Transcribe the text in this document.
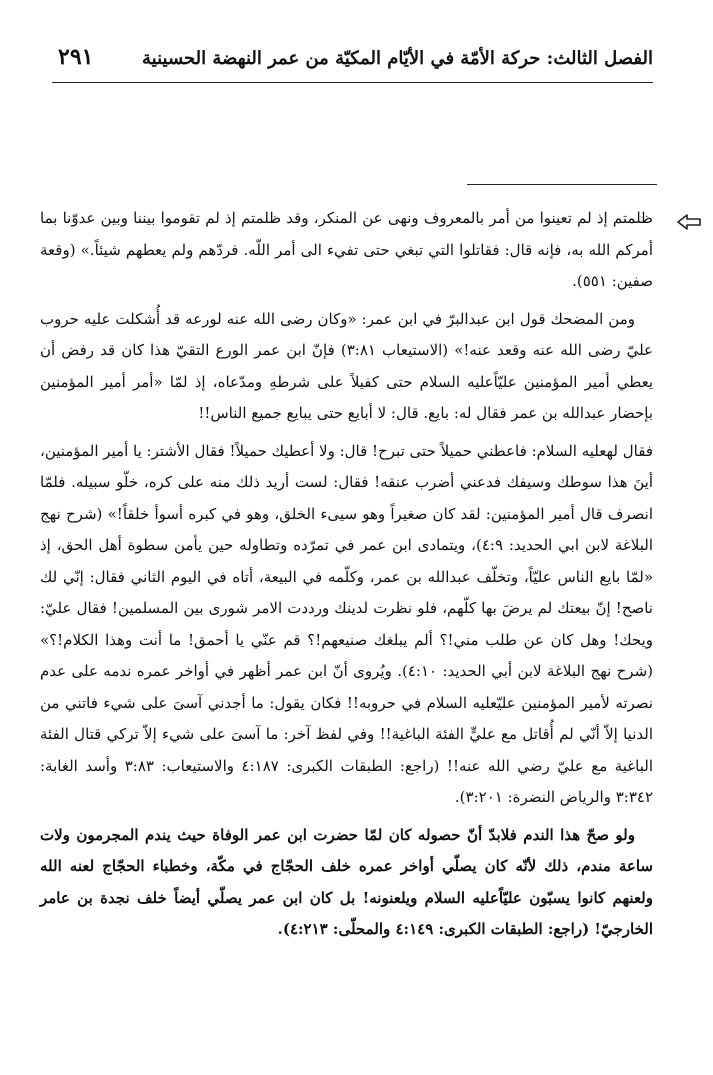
الفصل الثالث: حركة الأمّة في الأيّام المكيّة من عمر النهضة الحسينية
٢٩١

ظلمتم إذ لم تعينوا من أمر بالمعروف ونهى عن المنكر، وقد ظلمتم إذ لم تقوموا بيننا وبين عدوّنا بما أمركم الله به، فإنه قال: فقاتلوا التي تبغي حتى تفيء الى أمر اللّه. فردّهم ولم يعطهم شيئاً.» (وقعة صفين: ٥٥١).

ومن المضحك قول ابن عبدالبرّ في ابن عمر: «وكان رضى الله عنه لورعه قد أُشكلت عليه حروب عليّ رضى الله عنه وقعد عنه!» (الاستيعاب ٣:٨١) فإنّ ابن عمر الورع التقيّ هذا كان قد رفض أن يعطي أمير المؤمنين عليّاًعليه السلام حتى كفيلاً على شرطهِ ومدّعاه، إذ لمّا «أمر أمير المؤمنين بإحضار عبدالله بن عمر فقال له: بايع. قال: لا أبايع حتى يبايع جميع الناس!!

فقال لهعليه السلام: فاعطني حميلاً حتى تبرح! قال: ولا أعطيك حميلاً! فقال الأشتر: يا أمير المؤمنين، أينَ هذا سوطك وسيفك فدعني أضرب عنقه! فقال: لست أريد ذلك منه على كره، خلّو سبيله. فلمّا انصرف قال أمير المؤمنين: لقد كان صغيراً وهو سيىء الخلق، وهو في كبره أسوأ خلقاً!» (شرح نهج البلاغة لابن ابي الحديد: ٤:٩)، ويتمادى ابن عمر في تمرّده وتطاوله حين يأمن سطوة أهل الحق، إذ «لمّا بايع الناس عليّاً، وتخلّف عبدالله بن عمر، وكلّمه في البيعة، أتاه في اليوم الثاني فقال: إنّي لك ناصح! إنّ بيعتك لم يرضَ بها كلّهم، فلو نظرت لدينك ورددت الامر شورى بين المسلمين! فقال عليّ: ويحك! وهل كان عن طلب مني!؟ ألم يبلغك صنيعهم!؟ قم عنّي يا أحمق! ما أنت وهذا الكلام!؟» (شرح نهج البلاغة لابن أبي الحديد: ٤:١٠). ويُروى أنّ ابن عمر أظهر في أواخر عمره ندمه على عدم نصرته لأمير المؤمنين عليّعليه السلام في حروبه!! فكان يقول: ما أجدني آسىَ على شيء فاتني من الدنيا إلاّ أنّي لم أُقاتل مع عليٍّ الفئة الباغية!! وفي لفظ آخر: ما آسىَ على شيء إلاّ تركي قتال الفئة الباغية مع عليّ رضي الله عنه!! (راجع: الطبقات الكبرى: ٤:١٨٧ والاستيعاب: ٣:٨٣ وأسد الغابة: ٣:٣٤٢ والرياض النضرة: ٣:٢٠١).

ولو صحّ هذا الندم فلابدّ أنّ حصوله كان لمّا حضرت ابن عمر الوفاة حيث يندم المجرمون ولات ساعة مندم، ذلك لأنّه كان يصلّي أواخر عمره خلف الحجّاج في مكّة، وخطباء الحجّاج لعنه الله ولعنهم كانوا يسبّون عليّاًعليه السلام ويلعنونه! بل كان ابن عمر يصلّي أيضاً خلف نجدة بن عامر الخارجيّ! (راجع: الطبقات الكبرى: ٤:١٤٩ والمحلّى: ٤:٢١٣).
